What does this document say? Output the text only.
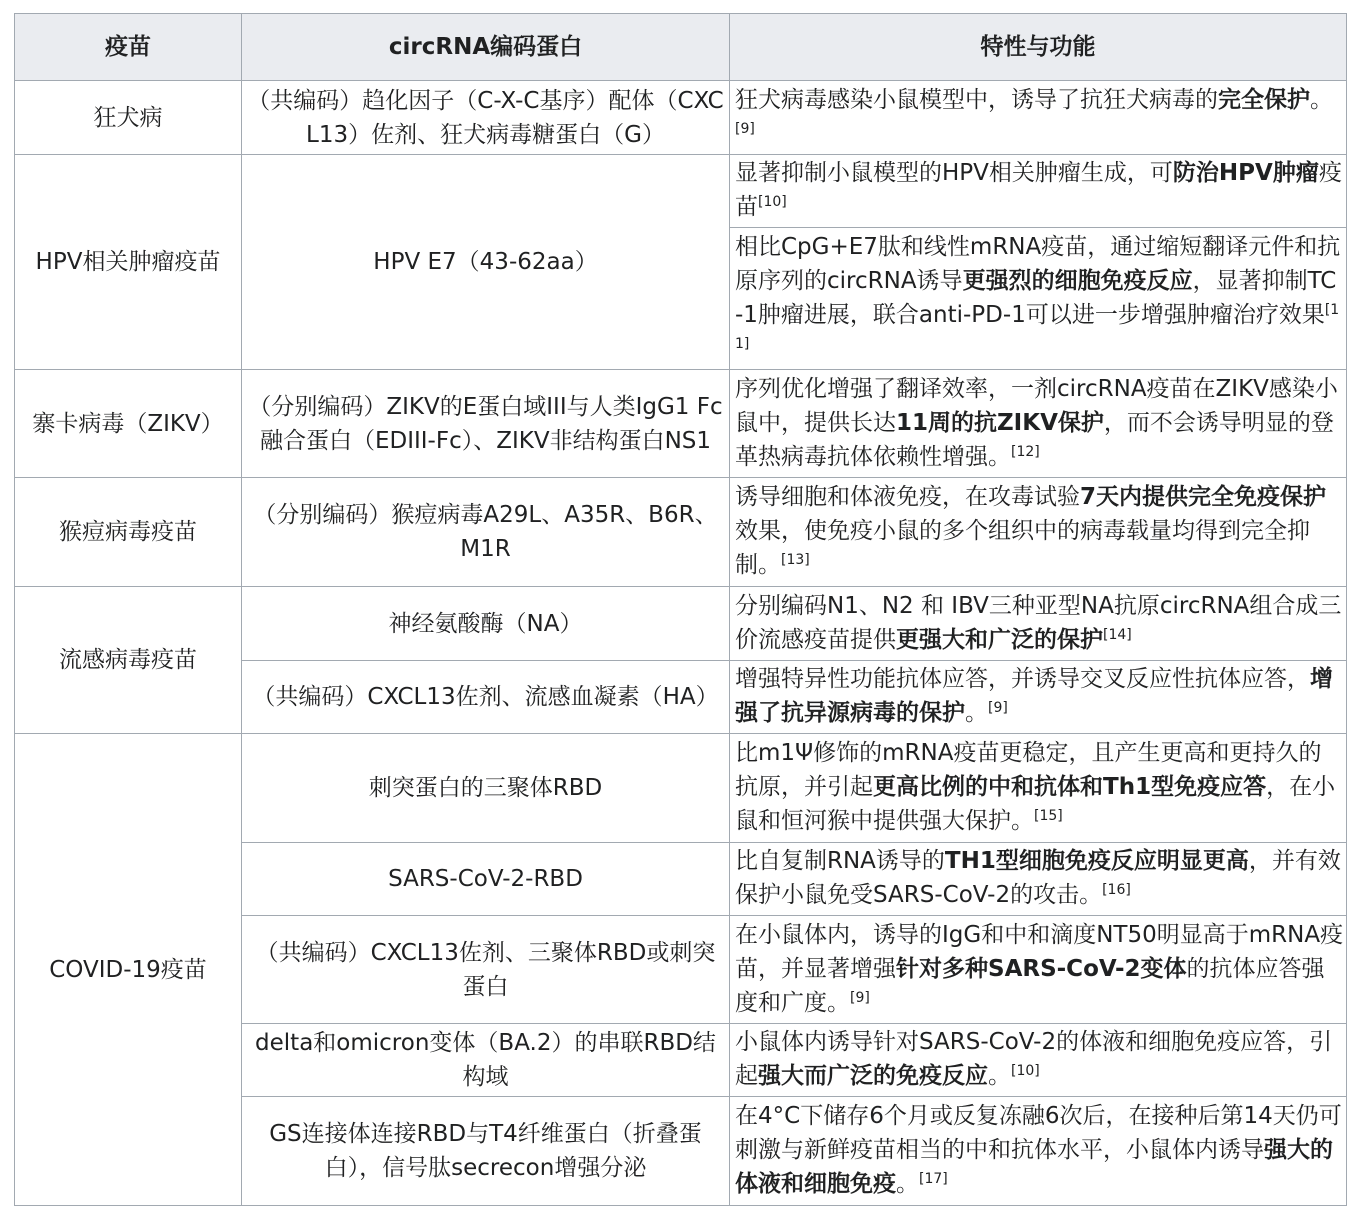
疫苗	circRNA编码蛋白	特性与功能
狂犬病	（共编码）趋化因子（C-X-C基序）配体（CXCL13）佐剂、狂犬病毒糖蛋白（G）	狂犬病毒感染小鼠模型中，诱导了抗狂犬病毒的完全保护。[9]
HPV相关肿瘤疫苗	HPV E7（43-62aa）	显著抑制小鼠模型的HPV相关肿瘤生成，可防治HPV肿瘤疫苗[10]
		相比CpG+E7肽和线性mRNA疫苗，通过缩短翻译元件和抗原序列的circRNA诱导更强烈的细胞免疫反应，显著抑制TC-1肿瘤进展，联合anti-PD-1可以进一步增强肿瘤治疗效果[11]
寨卡病毒（ZIKV）	（分别编码）ZIKV的E蛋白域III与人类IgG1 Fc融合蛋白（EDIII-Fc）、ZIKV非结构蛋白NS1	序列优化增强了翻译效率，一剂circRNA疫苗在ZIKV感染小鼠中，提供长达11周的抗ZIKV保护，而不会诱导明显的登革热病毒抗体依赖性增强。[12]
猴痘病毒疫苗	（分别编码）猴痘病毒A29L、A35R、B6R、M1R	诱导细胞和体液免疫，在攻毒试验7天内提供完全免疫保护效果，使免疫小鼠的多个组织中的病毒载量均得到完全抑制。[13]
流感病毒疫苗	神经氨酸酶（NA）	分别编码N1、N2 和 IBV三种亚型NA抗原circRNA组合成三价流感疫苗提供更强大和广泛的保护[14]
	（共编码）CXCL13佐剂、流感血凝素（HA）	增强特异性功能抗体应答，并诱导交叉反应性抗体应答，增强了抗异源病毒的保护。[9]
COVID-19疫苗	刺突蛋白的三聚体RBD	比m1Ψ修饰的mRNA疫苗更稳定，且产生更高和更持久的抗原，并引起更高比例的中和抗体和Th1型免疫应答，在小鼠和恒河猴中提供强大保护。[15]
	SARS-CoV-2-RBD	比自复制RNA诱导的TH1型细胞免疫反应明显更高，并有效保护小鼠免受SARS-CoV-2的攻击。[16]
	（共编码）CXCL13佐剂、三聚体RBD或刺突蛋白	在小鼠体内，诱导的IgG和中和滴度NT50明显高于mRNA疫苗，并显著增强针对多种SARS-CoV-2变体的抗体应答强度和广度。[9]
	delta和omicron变体（BA.2）的串联RBD结构域	小鼠体内诱导针对SARS-CoV-2的体液和细胞免疫应答，引起强大而广泛的免疫反应。[10]
	GS连接体连接RBD与T4纤维蛋白（折叠蛋白），信号肽secrecon增强分泌	在4°C下储存6个月或反复冻融6次后，在接种后第14天仍可刺激与新鲜疫苗相当的中和抗体水平，小鼠体内诱导强大的体液和细胞免疫。[17]
